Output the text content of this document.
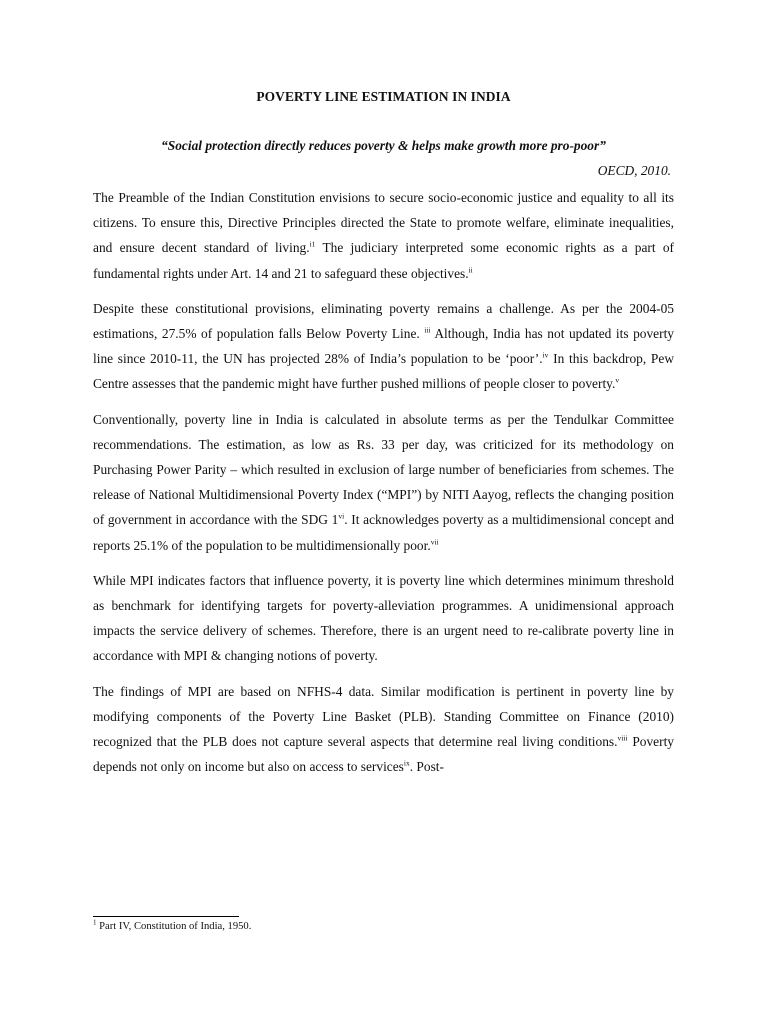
POVERTY LINE ESTIMATION IN INDIA
“Social protection directly reduces poverty & helps make growth more pro-poor”
OECD, 2010.

The Preamble of the Indian Constitution envisions to secure socio-economic justice and equality to all its citizens. To ensure this, Directive Principles directed the State to promote welfare, eliminate inequalities, and ensure decent standard of living.$^{i1}$ The judiciary interpreted some economic rights as a part of fundamental rights under Art. 14 and 21 to safeguard these objectives.$^{ii}$

Despite these constitutional provisions, eliminating poverty remains a challenge. As per the 2004-05 estimations, 27.5% of population falls Below Poverty Line. $^{iii}$ Although, India has not updated its poverty line since 2010-11, the UN has projected 28% of India’s population to be ‘poor’.$^{iv}$ In this backdrop, Pew Centre assesses that the pandemic might have further pushed millions of people closer to poverty.$^v$

Conventionally, poverty line in India is calculated in absolute terms as per the Tendulkar Committee recommendations. The estimation, as low as Rs. 33 per day, was criticized for its methodology on Purchasing Power Parity – which resulted in exclusion of large number of beneficiaries from schemes. The release of National Multidimensional Poverty Index (“MPI”) by NITI Aayog, reflects the changing position of government in accordance with the SDG 1$^{vi}$. It acknowledges poverty as a multidimensional concept and reports 25.1% of the population to be multidimensionally poor.$^{vii}$

While MPI indicates factors that influence poverty, it is poverty line which determines minimum threshold as benchmark for identifying targets for poverty-alleviation programmes. A unidimensional approach impacts the service delivery of schemes. Therefore, there is an urgent need to re-calibrate poverty line in accordance with MPI & changing notions of poverty.

The findings of MPI are based on NFHS-4 data. Similar modification is pertinent in poverty line by modifying components of the Poverty Line Basket (PLB). Standing Committee on Finance (2010) recognized that the PLB does not capture several aspects that determine real living conditions.$^{viii}$ Poverty depends not only on income but also on access to services$^{ix}$. Post-

$^1$ Part IV, Constitution of India, 1950.
